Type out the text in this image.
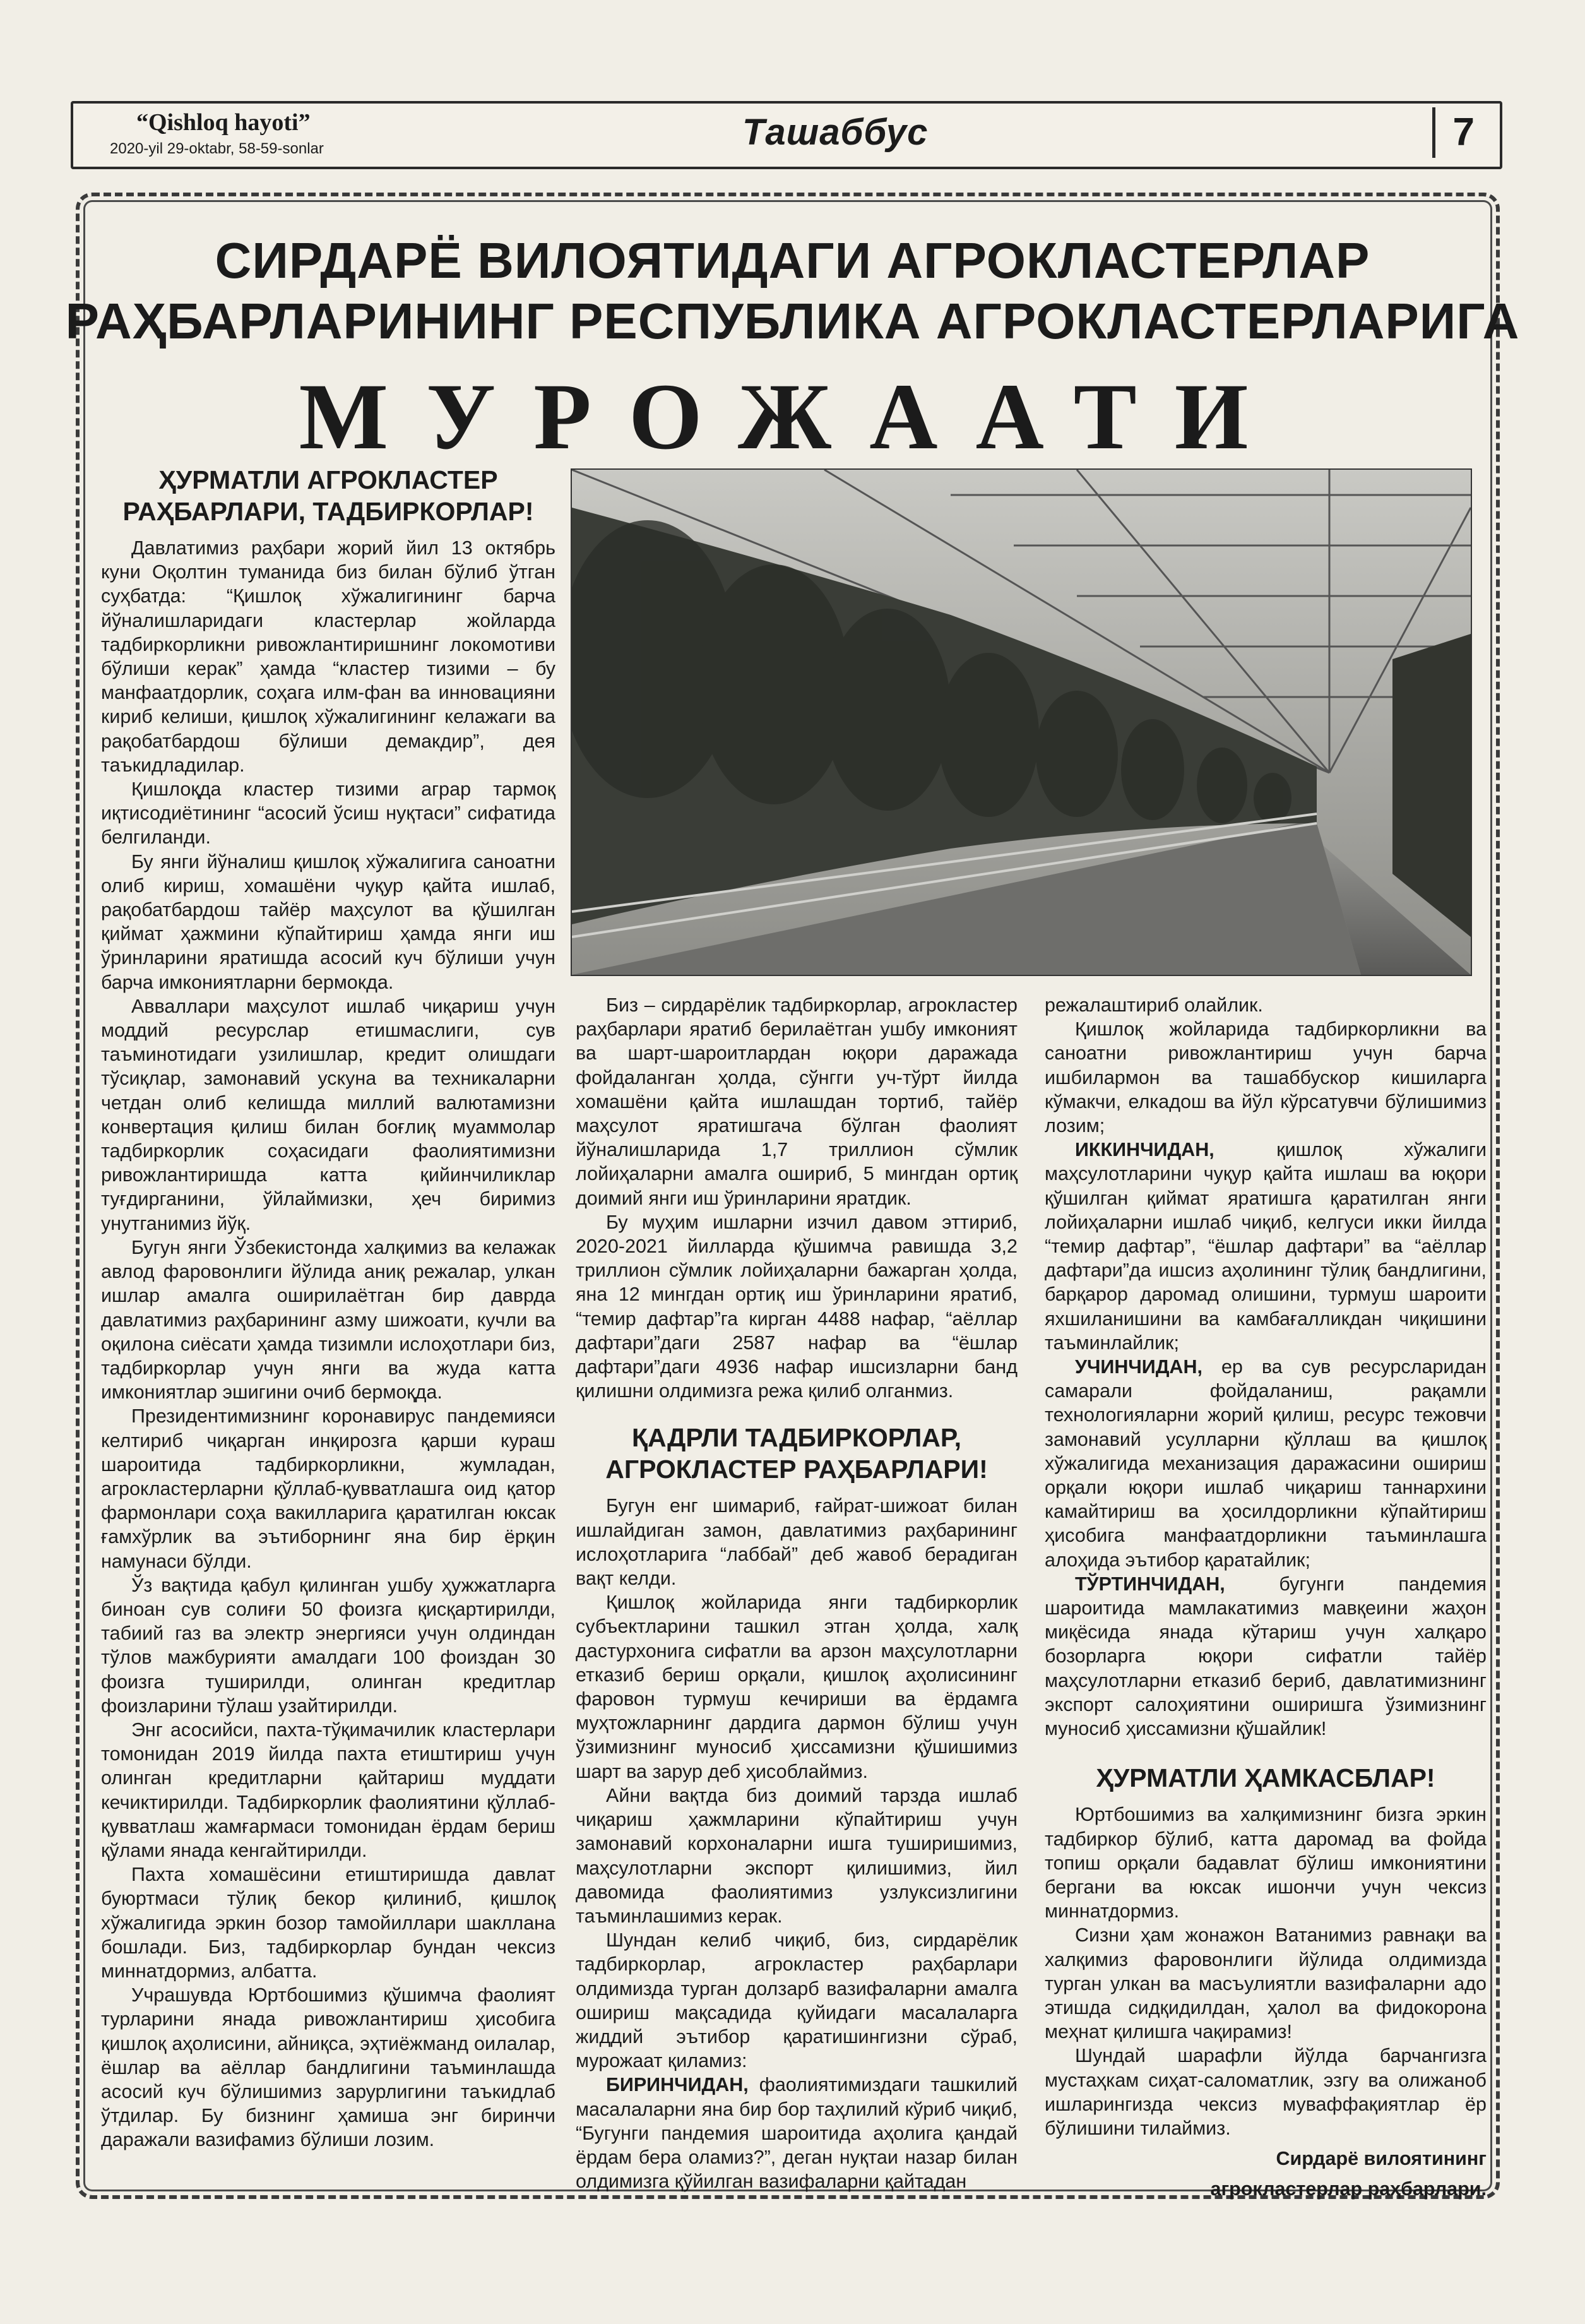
“Qishloq hayoti”
2020-yil 29-oktabr, 58-59-sonlar	Ташаббус	7
СИРДАРЁ ВИЛОЯТИДАГИ АГРОКЛАСТЕРЛАР
РАҲБАРЛАРИНИНГ РЕСПУБЛИКА АГРОКЛАСТЕРЛАРИГА
МУРОЖААТИ
ҲУРМАТЛИ АГРОКЛАСТЕР РАҲБАРЛАРИ, ТАДБИРКОРЛАР!

Давлатимиз раҳбари жорий йил 13 октябрь куни Оқолтин туманида биз билан бўлиб ўтган суҳбатда: “Қишлоқ хўжалигининг барча йўналишларидаги кластерлар жойларда тадбиркорликни ривожлантиришнинг локомотиви бўлиши керак” ҳамда “кластер тизими – бу манфаатдорлик, соҳага илм-фан ва инновацияни кириб келиши, қишлоқ хўжалигининг келажаги ва рақобатбардош бўлиши демакдир”, дея таъкидладилар.

Қишлоқда кластер тизими аграр тармоқ иқтисодиётининг “асосий ўсиш нуқтаси” сифатида белгиланди.

Бу янги йўналиш қишлоқ хўжалигига саноатни олиб кириш, хомашёни чуқур қайта ишлаб, рақобатбардош тайёр маҳсулот ва қўшилган қиймат ҳажмини кўпайтириш ҳамда янги иш ўринларини яратишда асосий куч бўлиши учун барча имкониятларни бермокда.

Авваллари маҳсулот ишлаб чиқариш учун моддий ресурслар етишмаслиги, сув таъминотидаги узилишлар, кредит олишдаги тўсиқлар, замонавий ускуна ва техникаларни четдан олиб келишда миллий валютамизни конвертация қилиш билан боғлиқ муаммолар тадбиркорлик соҳасидаги фаолиятимизни ривожлантиришда катта қийинчиликлар туғдирганини, ўйлаймизки, ҳеч биримиз унутганимиз йўқ.

Бугун янги Ўзбекистонда халқимиз ва келажак авлод фаровонлиги йўлида аниқ режалар, улкан ишлар амалга оширилаётган бир даврда давлатимиз раҳбарининг азму шижоати, кучли ва оқилона сиёсати ҳамда тизимли ислоҳотлари биз, тадбиркорлар учун янги ва жуда катта имкониятлар эшигини очиб бермоқда.

Президентимизнинг коронавирус пандемияси келтириб чиқарган инқирозга қарши кураш шароитида тадбиркорликни, жумладан, агрокластерларни қўллаб-қувватлашга оид қатор фармонлари соҳа вакилларига қаратилган юксак ғамхўрлик ва эътиборнинг яна бир ёрқин намунаси бўлди.

Ўз вақтида қабул қилинган ушбу ҳужжатларга биноан сув солиғи 50 фоизга қисқартирилди, табиий газ ва электр энергияси учун олдиндан тўлов мажбурияти амалдаги 100 фоиздан 30 фоизга туширилди, олинган кредитлар фоизларини тўлаш узайтирилди.

Энг асосийси, пахта-тўқимачилик кластерлари томонидан 2019 йилда пахта етиштириш учун олинган кредитларни қайтариш муддати кечиктирилди. Тадбиркорлик фаолиятини қўллаб-қувватлаш жамғармаси томонидан ёрдам бериш қўлами янада кенгайтирилди.

Пахта хомашёсини етиштиришда давлат буюртмаси тўлиқ бекор қилиниб, қишлоқ хўжалигида эркин бозор тамойиллари шакллана бошлади. Биз, тадбиркорлар бундан чексиз миннатдормиз, албатта.

Учрашувда Юртбошимиз қўшимча фаолият турларини янада ривожлантириш ҳисобига қишлоқ аҳолисини, айниқса, эҳтиёжманд оилалар, ёшлар ва аёллар бандлигини таъминлашда асосий куч бўлишимиз зарурлигини таъкидлаб ўтдилар. Бу бизнинг ҳамиша энг биринчи даражали вазифамиз бўлиши лозим.

Биз – сирдарёлик тадбиркорлар, агрокластер раҳбарлари яратиб берилаётган ушбу имконият ва шарт-шароитлардан юқори даражада фойдаланган ҳолда, сўнгги уч-тўрт йилда хомашёни қайта ишлашдан тортиб, тайёр маҳсулот яратишгача бўлган фаолият йўналишларида 1,7 триллион сўмлик лойиҳаларни амалга ошириб, 5 мингдан ортиқ доимий янги иш ўринларини яратдик.

Бу муҳим ишларни изчил давом эттириб, 2020-2021 йилларда қўшимча равишда 3,2 триллион сўмлик лойиҳаларни бажарган ҳолда, яна 12 мингдан ортиқ иш ўринларини яратиб, “темир дафтар”га кирган 4488 нафар, “аёллар дафтари”даги 2587 нафар ва “ёшлар дафтари”даги 4936 нафар ишсизларни банд қилишни олдимизга режа қилиб олганмиз.

ҚАДРЛИ ТАДБИРКОРЛАР, АГРОКЛАСТЕР РАҲБАРЛАРИ!

Бугун енг шимариб, ғайрат-шижоат билан ишлайдиган замон, давлатимиз раҳбарининг ислоҳотларига “лаббай” деб жавоб берадиган вақт келди.

Қишлоқ жойларида янги тадбиркорлик субъектларини ташкил этган ҳолда, халқ дастурхонига сифатли ва арзон маҳсулотларни етказиб бериш орқали, қишлоқ аҳолисининг фаровон турмуш кечириши ва ёрдамга муҳтожларнинг дардига дармон бўлиш учун ўзимизнинг муносиб ҳиссамизни қўшишимиз шарт ва зарур деб ҳисоблаймиз.

Айни вақтда биз доимий тарзда ишлаб чиқариш ҳажмларини кўпайтириш учун замонавий корхоналарни ишга туширишимиз, маҳсулотларни экспорт қилишимиз, йил давомида фаолиятимиз узлуксизлигини таъминлашимиз керак.

Шундан келиб чиқиб, биз, сирдарёлик тадбиркорлар, агрокластер раҳбарлари олдимизда турган долзарб вазифаларни амалга ошириш мақсадида қуйидаги масалаларга жиддий эътибор қаратишингизни сўраб, мурожаат қиламиз:

БИРИНЧИДАН, фаолиятимиздаги ташкилий масалаларни яна бир бор таҳлилий кўриб чиқиб, “Бугунги пандемия шароитида аҳолига қандай ёрдам бера оламиз?”, деган нуқтаи назар билан олдимизга қўйилган вазифаларни қайтадан

режалаштириб олайлик.

Қишлоқ жойларида тадбиркорликни ва саноатни ривожлантириш учун барча ишбилармон ва ташаббускор кишиларга кўмакчи, елкадош ва йўл кўрсатувчи бўлишимиз лозим;

ИККИНЧИДАН, қишлоқ хўжалиги маҳсулотларини чуқур қайта ишлаш ва юқори қўшилган қиймат яратишга қаратилган янги лойиҳаларни ишлаб чиқиб, келгуси икки йилда “темир дафтар”, “ёшлар дафтари” ва “аёллар дафтари”да ишсиз аҳолининг тўлиқ бандлигини, барқарор даромад олишини, турмуш шароити яхшиланишини ва камбағалликдан чиқишини таъминлайлик;

УЧИНЧИДАН, ер ва сув ресурсларидан самарали фойдаланиш, рақамли технологияларни жорий қилиш, ресурс тежовчи замонавий усулларни қўллаш ва қишлоқ хўжалигида механизация даражасини ошириш орқали юқори ишлаб чиқариш таннархини камайтириш ва ҳосилдорликни кўпайтириш ҳисобига манфаатдорликни таъминлашга алоҳида эътибор қаратайлик;

ТЎРТИНЧИДАН, бугунги пандемия шароитида мамлакатимиз мавқеини жаҳон миқёсида янада кўтариш учун халқаро бозорларга юқори сифатли тайёр маҳсулотларни етказиб бериб, давлатимизнинг экспорт салоҳиятини оширишга ўзимизнинг муносиб ҳиссамизни қўшайлик!

ҲУРМАТЛИ ҲАМКАСБЛАР!

Юртбошимиз ва халқимизнинг бизга эркин тадбиркор бўлиб, катта даромад ва фойда топиш орқали бадавлат бўлиш имкониятини бергани ва юксак ишончи учун чексиз миннатдормиз.

Сизни ҳам жонажон Ватанимиз равнақи ва халқимиз фаровонлиги йўлида олдимизда турган улкан ва масъулиятли вазифаларни адо этишда сидқидилдан, ҳалол ва фидокорона меҳнат қилишга чақирамиз!

Шундай шарафли йўлда барчангизга мустаҳкам сиҳат-саломатлик, эзгу ва олижаноб ишларингизда чексиз муваффақиятлар ёр бўлишини тилаймиз.

Сирдарё вилоятининг

агрокластерлар раҳбарлари.
